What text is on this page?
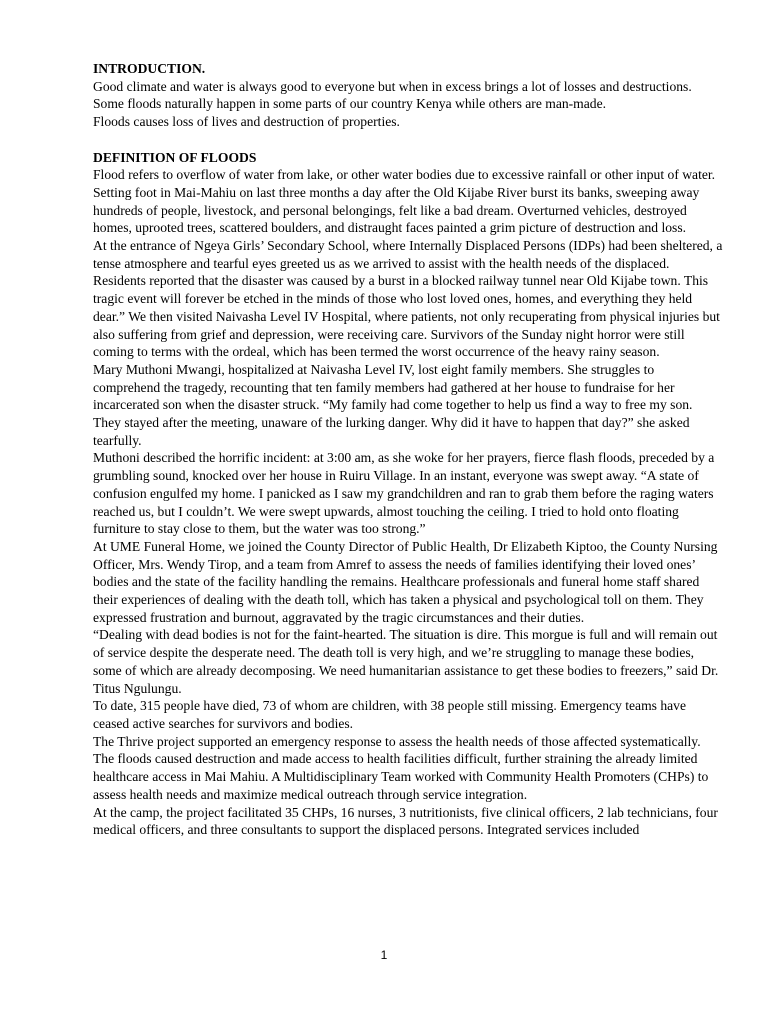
INTRODUCTION.

Good climate and water is always good to everyone but when in excess brings a lot of losses and destructions.

Some floods naturally happen in some parts of our country Kenya while others are man-made.

Floods causes loss of lives and destruction of properties.

DEFINITION OF FLOODS

Flood refers to overflow of water from lake, or other water bodies due to excessive rainfall or other input of water.

Setting foot in Mai-Mahiu on last three months a day after the Old Kijabe River burst its banks, sweeping away hundreds of people, livestock, and personal belongings, felt like a bad dream. Overturned vehicles, destroyed homes, uprooted trees, scattered boulders, and distraught faces painted a grim picture of destruction and loss.

At the entrance of Ngeya Girls’ Secondary School, where Internally Displaced Persons (IDPs) had been sheltered, a tense atmosphere and tearful eyes greeted us as we arrived to assist with the health needs of the displaced.

Residents reported that the disaster was caused by a burst in a blocked railway tunnel near Old Kijabe town. This tragic event will forever be etched in the minds of those who lost loved ones, homes, and everything they held dear.” We then visited Naivasha Level IV Hospital, where patients, not only recuperating from physical injuries but also suffering from grief and depression, were receiving care. Survivors of the Sunday night horror were still coming to terms with the ordeal, which has been termed the worst occurrence of the heavy rainy season.

Mary Muthoni Mwangi, hospitalized at Naivasha Level IV, lost eight family members. She struggles to comprehend the tragedy, recounting that ten family members had gathered at her house to fundraise for her incarcerated son when the disaster struck. “My family had come together to help us find a way to free my son. They stayed after the meeting, unaware of the lurking danger. Why did it have to happen that day?” she asked tearfully.

Muthoni described the horrific incident: at 3:00 am, as she woke for her prayers, fierce flash floods, preceded by a grumbling sound, knocked over her house in Ruiru Village. In an instant, everyone was swept away. “A state of confusion engulfed my home. I panicked as I saw my grandchildren and ran to grab them before the raging waters reached us, but I couldn’t. We were swept upwards, almost touching the ceiling. I tried to hold onto floating furniture to stay close to them, but the water was too strong.”

At UME Funeral Home, we joined the County Director of Public Health, Dr Elizabeth Kiptoo, the County Nursing Officer, Mrs. Wendy Tirop, and a team from Amref to assess the needs of families identifying their loved ones’ bodies and the state of the facility handling the remains. Healthcare professionals and funeral home staff shared their experiences of dealing with the death toll, which has taken a physical and psychological toll on them. They expressed frustration and burnout, aggravated by the tragic circumstances and their duties.

“Dealing with dead bodies is not for the faint-hearted. The situation is dire. This morgue is full and will remain out of service despite the desperate need. The death toll is very high, and we’re struggling to manage these bodies, some of which are already decomposing. We need humanitarian assistance to get these bodies to freezers,” said Dr. Titus Ngulungu.

To date, 315 people have died, 73 of whom are children, with 38 people still missing. Emergency teams have ceased active searches for survivors and bodies.

The Thrive project supported an emergency response to assess the health needs of those affected systematically. The floods caused destruction and made access to health facilities difficult, further straining the already limited healthcare access in Mai Mahiu. A Multidisciplinary Team worked with Community Health Promoters (CHPs) to assess health needs and maximize medical outreach through service integration.

At the camp, the project facilitated 35 CHPs, 16 nurses, 3 nutritionists, five clinical officers, 2 lab technicians, four medical officers, and three consultants to support the displaced persons. Integrated services included

1
